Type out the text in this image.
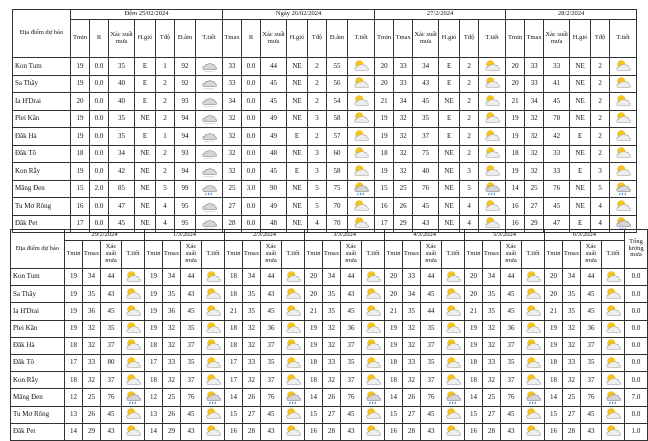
Địa điểm dự báo	Đêm 25/02/2024							Ngày 26/02/2024							27/2/2024						28/2/2024					
	Tmin	R	Xác suất mưa	H.gió	Tđộ	Đ.âm	T.tiết	Tmax	R	Xác suất mưa	H.gió	Tđộ	Đ.âm	T.tiết	Tmin	Tmax	Xác suất mưa	H.gió	Tđộ	T.tiết	Tmin	Tmax	Xác suất mưa	H.gió	Tđộ	T.tiết
Kon Tum	19	0.0	35	E	1	92		33	0.0	44	NE	2	55		20	33	34	E	2		20	33	33	NE	2	

Sa Thầy	19	0.0	40	E	2	92		33	0.0	45	NE	2	56		20	33	43	E	2		20	33	41	NE	2	

Ia H'Drai	20	0.0	40	E	2	93		34	0.0	45	NE	2	54		21	34	45	NE	2		21	34	45	NE	2	

Plei Kần	19	0.0	35	NE	2	94		32	0.0	49	NE	3	58		19	32	35	E	2		19	32	78	NE	2	

Đăk Hà	19	0.0	35	E	1	94		32	0.0	49	E	2	57		19	32	37	E	2		19	32	42	E	2	

Đăk Tô	18	0.0	34	NE	2	93		32	0.0	48	NE	3	60		18	32	75	NE	2		18	32	33	NE	2	

Kon Rẫy	19	0.0	42	NE	2	94		32	0.0	45	E	3	58		19	32	40	NE	3		19	32	33	E	3	

Măng Đen	15	2.0	85	NE	5	99		25	3.0	90	NE	5	75		15	25	76	NE	5		14	25	76	NE	5	

Tu Mơ Rông	16	0.0	47	NE	4	95		27	0.0	49	NE	5	70		16	26	45	NE	4		16	27	45	NE	4	

Đăk Pet	17	0.0	45	NE	4	95		28	0.0	48	NE	4	70		17	29	43	NE	4		16	29	47	E	4	
Địa điểm dự báo	29/2/2024				1/3/2024				2/3/2024				3/3/2024				4/3/2024				5/3/2024				6/3/2024				Tổng lượng mưa
	Tmin	Tmax	Xác suất mưa	T.tiết	Tmin	Tmax	Xác suất mưa	T.tiết	Tmin	Tmax	Xác suất mưa	T.tiết	Tmin	Tmax	Xác suất mưa	T.tiết	Tmin	Tmax	Xác suất mưa	T.tiết	Tmin	Tmax	Xác suất mưa	T.tiết	Tmin	Tmax	Xác suất mưa	T.tiết	
Kon Tum	19	34	44		19	34	44		18	34	44		20	34	44		20	33	44		20	34	44		20	34	44		0.0
Sa Thầy	19	35	43		19	35	43		18	35	43		20	35	43		20	34	45		20	35	45		20	35	45		0.0
Ia H'Drai	19	36	45		19	36	45		21	35	45		21	35	45		21	35	44		21	35	45		21	35	45		0.0
Plei Kần	19	32	35		19	32	35		18	32	36		19	32	36		19	32	35		19	32	36		19	32	36		0.0
Đăk Hà	18	32	37		18	32	37		18	32	37		19	32	37		19	32	37		19	32	37		19	32	37		0.0
Đăk Tô	17	33	80		17	33	35		17	33	35		18	33	35		18	33	35		18	33	35		18	33	35		0.0
Kon Rẫy	18	32	37		18	32	37		17	32	37		18	32	37		18	32	37		18	32	37		18	32	37		0.0
Măng Đen	12	25	76		12	25	76		14	26	76		14	26	76		14	26	76		14	25	76		14	25	76		7.0
Tu Mơ Rông	13	26	45		13	26	45		15	27	45		15	27	45		15	27	45		15	27	45		15	27	45		0.0
Đăk Pet	14	29	43		14	29	43		16	28	43		16	28	43		16	28	43		16	28	43		16	28	43		1.0
